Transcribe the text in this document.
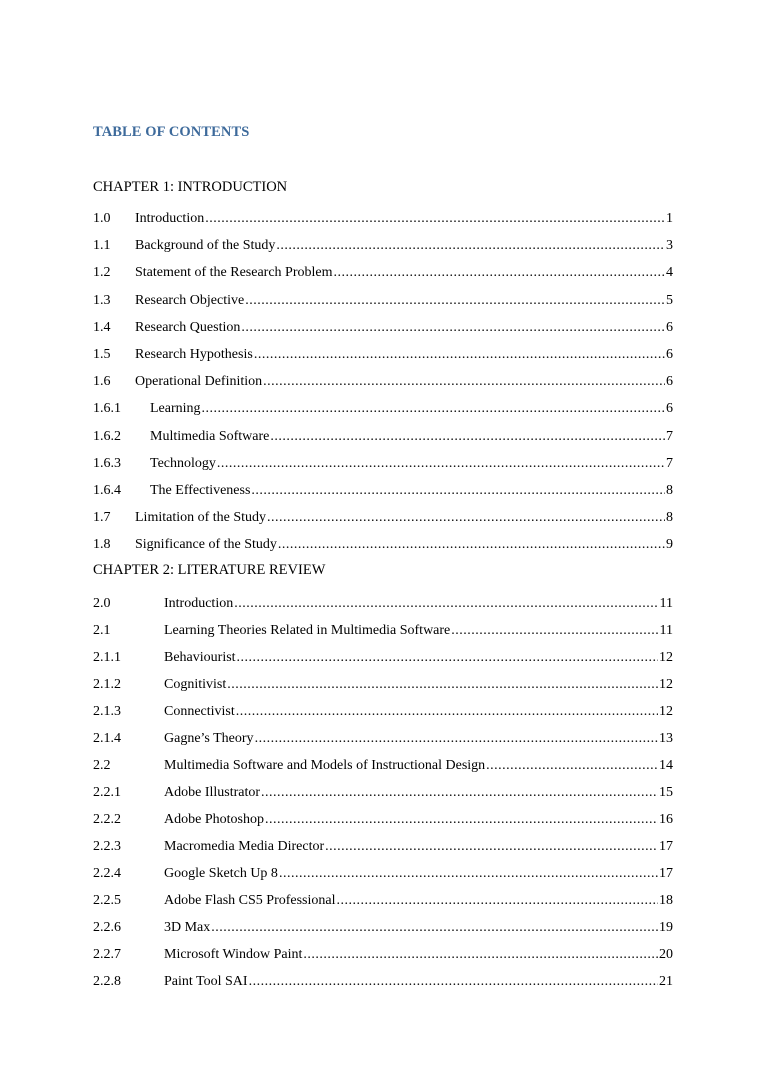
TABLE OF CONTENTS
CHAPTER 1: INTRODUCTION
1.0	Introduction .....	1
1.1	Background of the Study .....	3
1.2	Statement of the Research Problem .....	4
1.3	Research Objective .....	5
1.4	Research Question .....	6
1.5	Research Hypothesis .....	6
1.6	Operational Definition .....	6
1.6.1	Learning .....	6
1.6.2	Multimedia Software .....	7
1.6.3	Technology .....	7
1.6.4	The Effectiveness .....	8
1.7	Limitation of the Study .....	8
1.8	Significance of the Study .....	9
CHAPTER 2: LITERATURE REVIEW
2.0	Introduction .....	11
2.1	Learning Theories Related in Multimedia Software .....	11
2.1.1	Behaviourist .....	12
2.1.2	Cognitivist .....	12
2.1.3	Connectivist .....	12
2.1.4	Gagne’s Theory .....	13
2.2	Multimedia Software and Models of Instructional Design .....	14
2.2.1	Adobe Illustrator .....	15
2.2.2	Adobe Photoshop .....	16
2.2.3	Macromedia Media Director .....	17
2.2.4	Google Sketch Up 8 .....	17
2.2.5	Adobe Flash CS5 Professional .....	18
2.2.6	3D Max .....	19
2.2.7	Microsoft Window Paint .....	20
2.2.8	Paint Tool SAI .....	21
